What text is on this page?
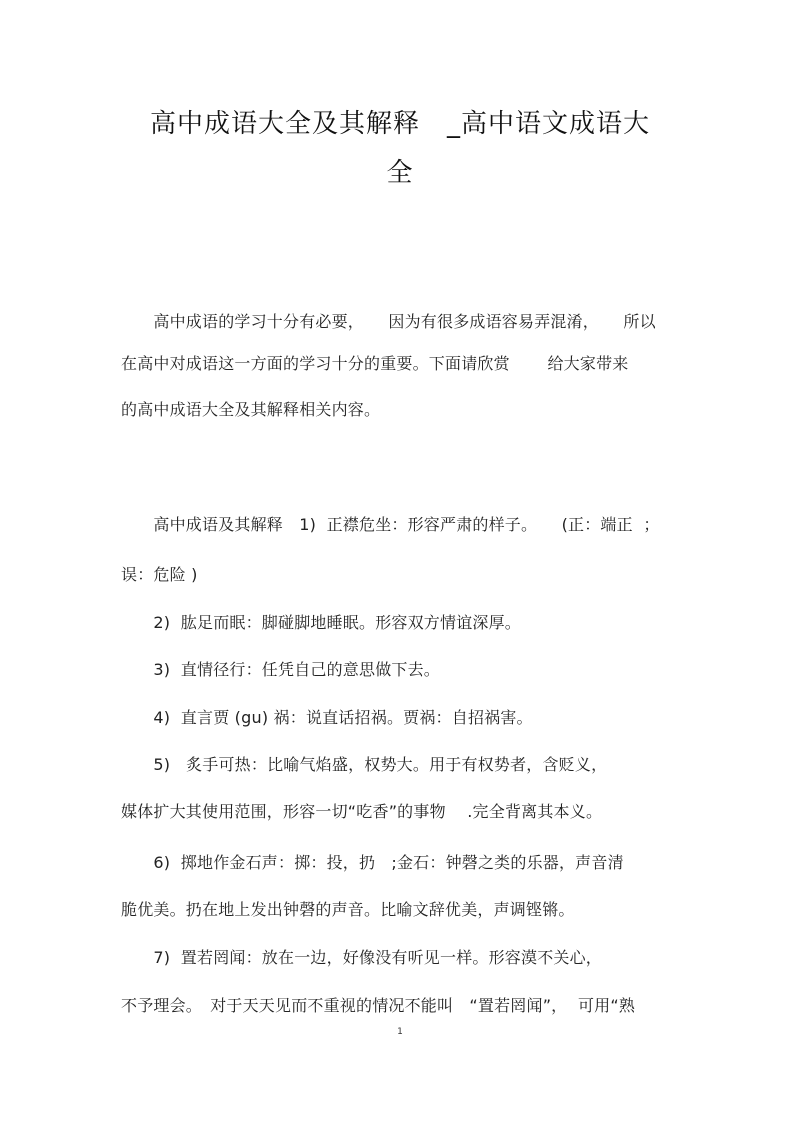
高中成语大全及其解释　_高中语文成语大
全
　　高中成语的学习十分有必要，　　因为有很多成语容易弄混淆，　　所以
在高中对成语这一方面的学习十分的重要。下面请欣赏　　 给大家带来
的高中成语大全及其解释相关内容。
　　高中成语及其解释　1)  正襟危坐：形容严肃的样子。　　(正：端正  ；
误：危险 )
　　2)  肱足而眠：脚碰脚地睡眠。形容双方情谊深厚。
　　3)  直情径行：任凭自己的意思做下去。
　　4)  直言贾 (gu) 祸：说直话招祸。贾祸：自招祸害。
　　5)   炙手可热：比喻气焰盛，权势大。用于有权势者，含贬义，
媒体扩大其使用范围，形容一切“吃香”的事物　 .完全背离其本义。
　　6)  掷地作金石声：掷：投，扔　;金石：钟磬之类的乐器，声音清
脆优美。扔在地上发出钟磬的声音。比喻文辞优美，声调铿锵。
　　7)  置若罔闻：放在一边，好像没有听见一样。形容漠不关心，
不予理会。　对于天天见而不重视的情况不能叫　“置若罔闻”，  可用“熟
1
